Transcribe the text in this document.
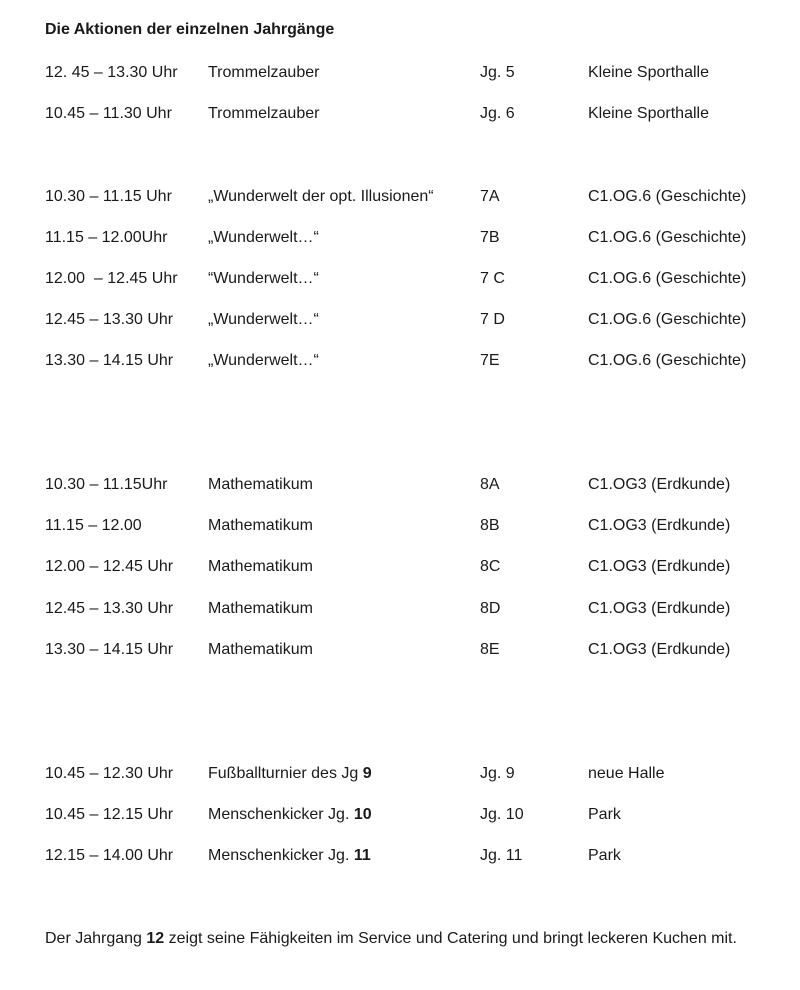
Die Aktionen der einzelnen Jahrgänge
12. 45 – 13.30 Uhr Trommelzauber	Jg. 5	Kleine Sporthalle
10.45 – 11.30 Uhr Trommelzauber	Jg. 6	Kleine Sporthalle
10.30 – 11.15 Uhr „Wunderwelt der opt. Illusionen“	7A	C1.OG.6 (Geschichte)
11.15 – 12.00Uhr	„Wunderwelt…“	7B	C1.OG.6 (Geschichte)
12.00  – 12.45 Uhr “Wunderwelt…“	7 C	C1.OG.6 (Geschichte)
12.45 – 13.30 Uhr „Wunderwelt…“	7 D	C1.OG.6 (Geschichte)
13.30 – 14.15 Uhr „Wunderwelt…“	7E	C1.OG.6 (Geschichte)
10.30 – 11.15Uhr	Mathematikum	8A	C1.OG3 (Erdkunde)
11.15 – 12.00	Mathematikum	8B	C1.OG3 (Erdkunde)
12.00 – 12.45 Uhr Mathematikum	8C	C1.OG3 (Erdkunde)
12.45 – 13.30 Uhr Mathematikum	8D	C1.OG3 (Erdkunde)
13.30 – 14.15 Uhr Mathematikum	8E	C1.OG3 (Erdkunde)
10.45 – 12.30 Uhr Fußballturnier des Jg 9	Jg. 9	neue Halle
10.45 – 12.15 Uhr Menschenkicker Jg. 10	Jg. 10	Park
12.15 – 14.00 Uhr Menschenkicker Jg. 11	Jg. 11	Park
Der Jahrgang 12 zeigt seine Fähigkeiten im Service und Catering und bringt leckeren Kuchen mit.
